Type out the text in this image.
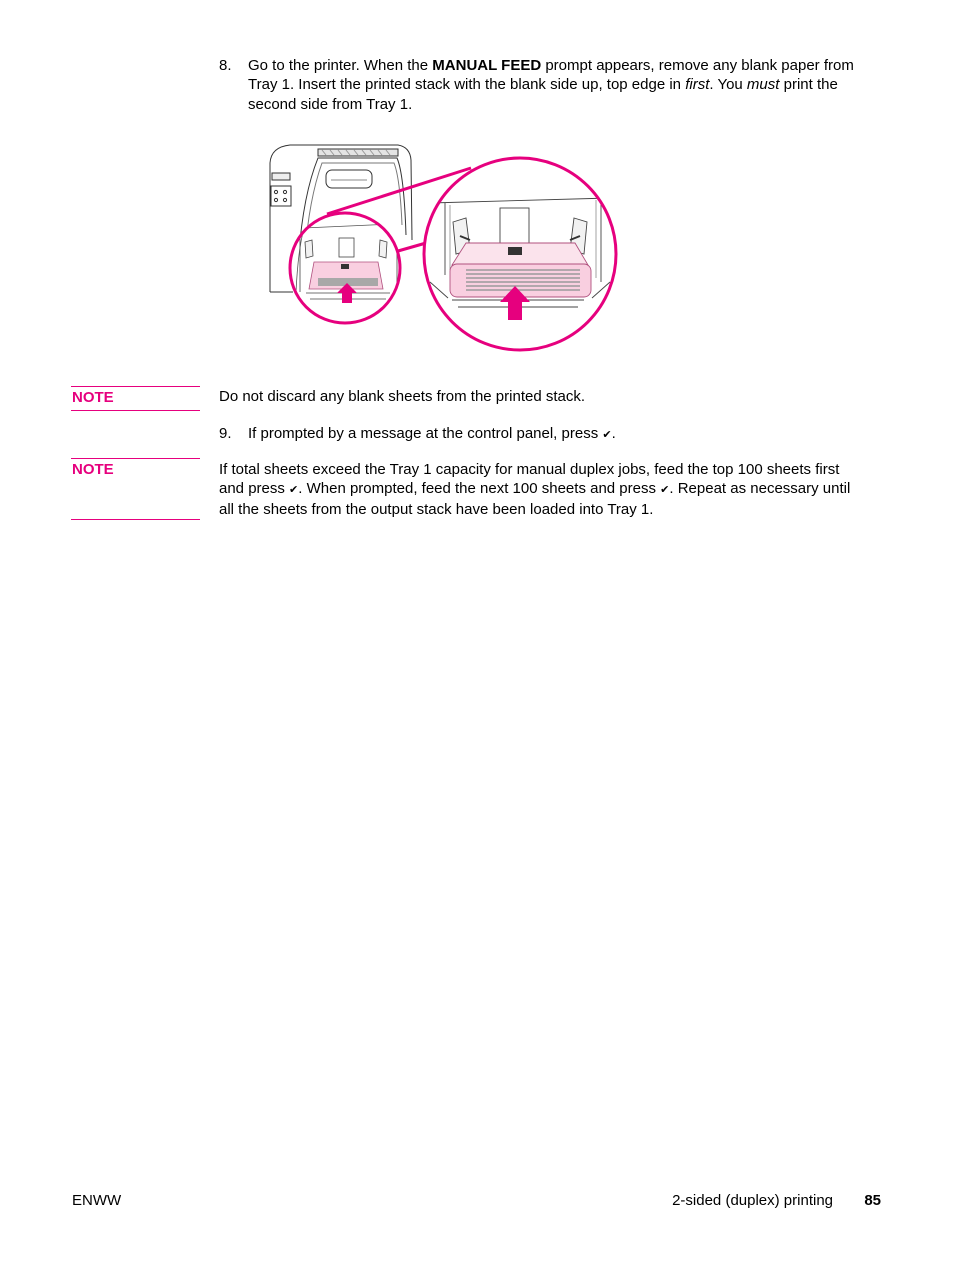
8. Go to the printer. When the MANUAL FEED prompt appears, remove any blank paper from Tray 1. Insert the printed stack with the blank side up, top edge in first. You must print the second side from Tray 1.
NOTE	Do not discard any blank sheets from the printed stack.
9. If prompted by a message at the control panel, press ✔.
NOTE	If total sheets exceed the Tray 1 capacity for manual duplex jobs, feed the top 100 sheets first and press ✔. When prompted, feed the next 100 sheets and press ✔. Repeat as necessary until all the sheets from the output stack have been loaded into Tray 1.
ENWW	2-sided (duplex) printing 85
